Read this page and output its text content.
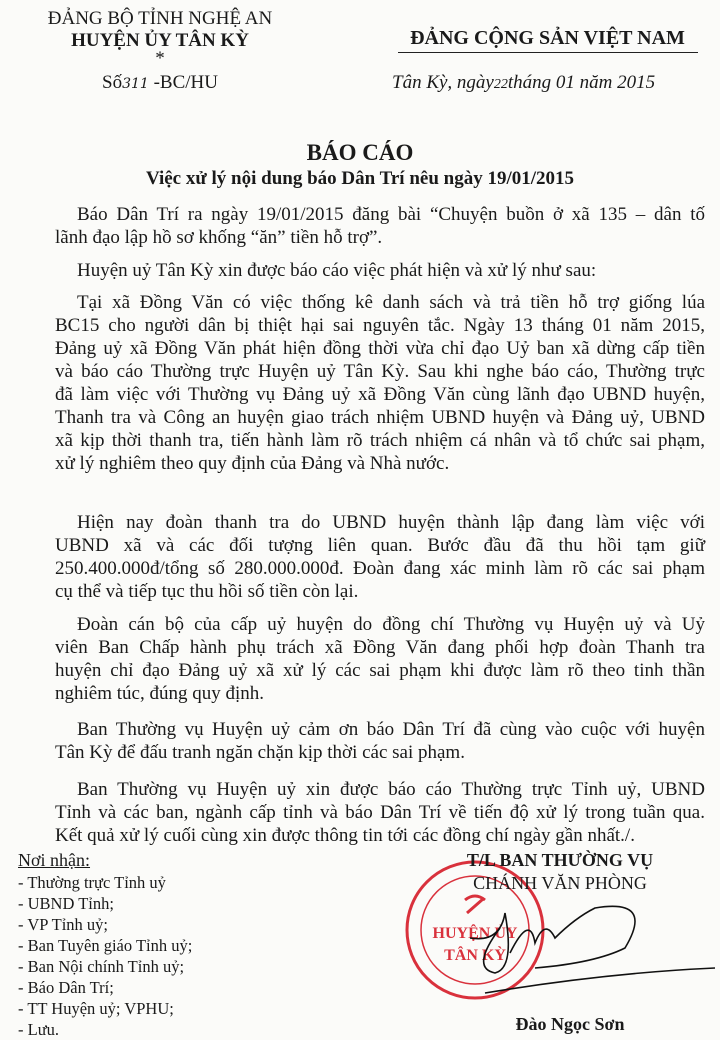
ĐẢNG BỘ TỈNH NGHỆ AN
HUYỆN ỦY TÂN KỲ
*
Số311 -BC/HU
ĐẢNG CỘNG SẢN VIỆT NAM
Tân Kỳ, ngày22tháng 01 năm 2015
BÁO CÁO
Việc xử lý nội dung báo Dân Trí nêu ngày 19/01/2015
Báo Dân Trí ra ngày 19/01/2015 đăng bài “Chuyện buồn ở xã 135 – dân tố
lãnh đạo lập hồ sơ khống “ăn” tiền hỗ trợ”.
Huyện uỷ Tân Kỳ xin được báo cáo việc phát hiện và xử lý như sau:
Tại xã Đồng Văn có việc thống kê danh sách và trả tiền hỗ trợ giống lúa
BC15 cho người dân bị thiệt hại sai nguyên tắc. Ngày 13 tháng 01 năm 2015,
Đảng uỷ xã Đồng Văn phát hiện đồng thời vừa chỉ đạo Uỷ ban xã dừng cấp tiền
và báo cáo Thường trực Huyện uỷ Tân Kỳ. Sau khi nghe báo cáo, Thường trực
đã làm việc với Thường vụ Đảng uỷ xã Đồng Văn cùng lãnh đạo UBND huyện,
Thanh tra và Công an huyện giao trách nhiệm UBND huyện và Đảng uỷ, UBND
xã kịp thời thanh tra, tiến hành làm rõ trách nhiệm cá nhân và tổ chức sai phạm,
xử lý nghiêm theo quy định của Đảng và Nhà nước.
Hiện nay đoàn thanh tra do UBND huyện thành lập đang làm việc với
UBND xã và các đối tượng liên quan. Bước đầu đã thu hồi tạm giữ
250.400.000đ/tổng số 280.000.000đ. Đoàn đang xác minh làm rõ các sai phạm
cụ thể và tiếp tục thu hồi số tiền còn lại.
Đoàn cán bộ của cấp uỷ huyện do đồng chí Thường vụ Huyện uỷ và Uỷ
viên Ban Chấp hành phụ trách xã Đồng Văn đang phối hợp đoàn Thanh tra
huyện chỉ đạo Đảng uỷ xã xử lý các sai phạm khi được làm rõ theo tinh thần
nghiêm túc, đúng quy định.
Ban Thường vụ Huyện uỷ cảm ơn báo Dân Trí đã cùng vào cuộc với huyện
Tân Kỳ để đấu tranh ngăn chặn kịp thời các sai phạm.
Ban Thường vụ Huyện uỷ xin được báo cáo Thường trực Tỉnh uỷ, UBND
Tỉnh và các ban, ngành cấp tỉnh và báo Dân Trí về tiến độ xử lý trong tuần qua.
Kết quả xử lý cuối cùng xin được thông tin tới các đồng chí ngày gần nhất./.
Nơi nhận:
- Thường trực Tỉnh uỷ
- UBND Tỉnh;
- VP Tỉnh uỷ;
- Ban Tuyên giáo Tỉnh uỷ;
- Ban Nội chính Tỉnh uỷ;
- Báo Dân Trí;
- TT Huyện uỷ; VPHU;
- Lưu.
HUYỆN ỦY
TÂN KỲ
T/L BAN THƯỜNG VỤ
CHÁNH VĂN PHÒNG
Đào Ngọc Sơn
